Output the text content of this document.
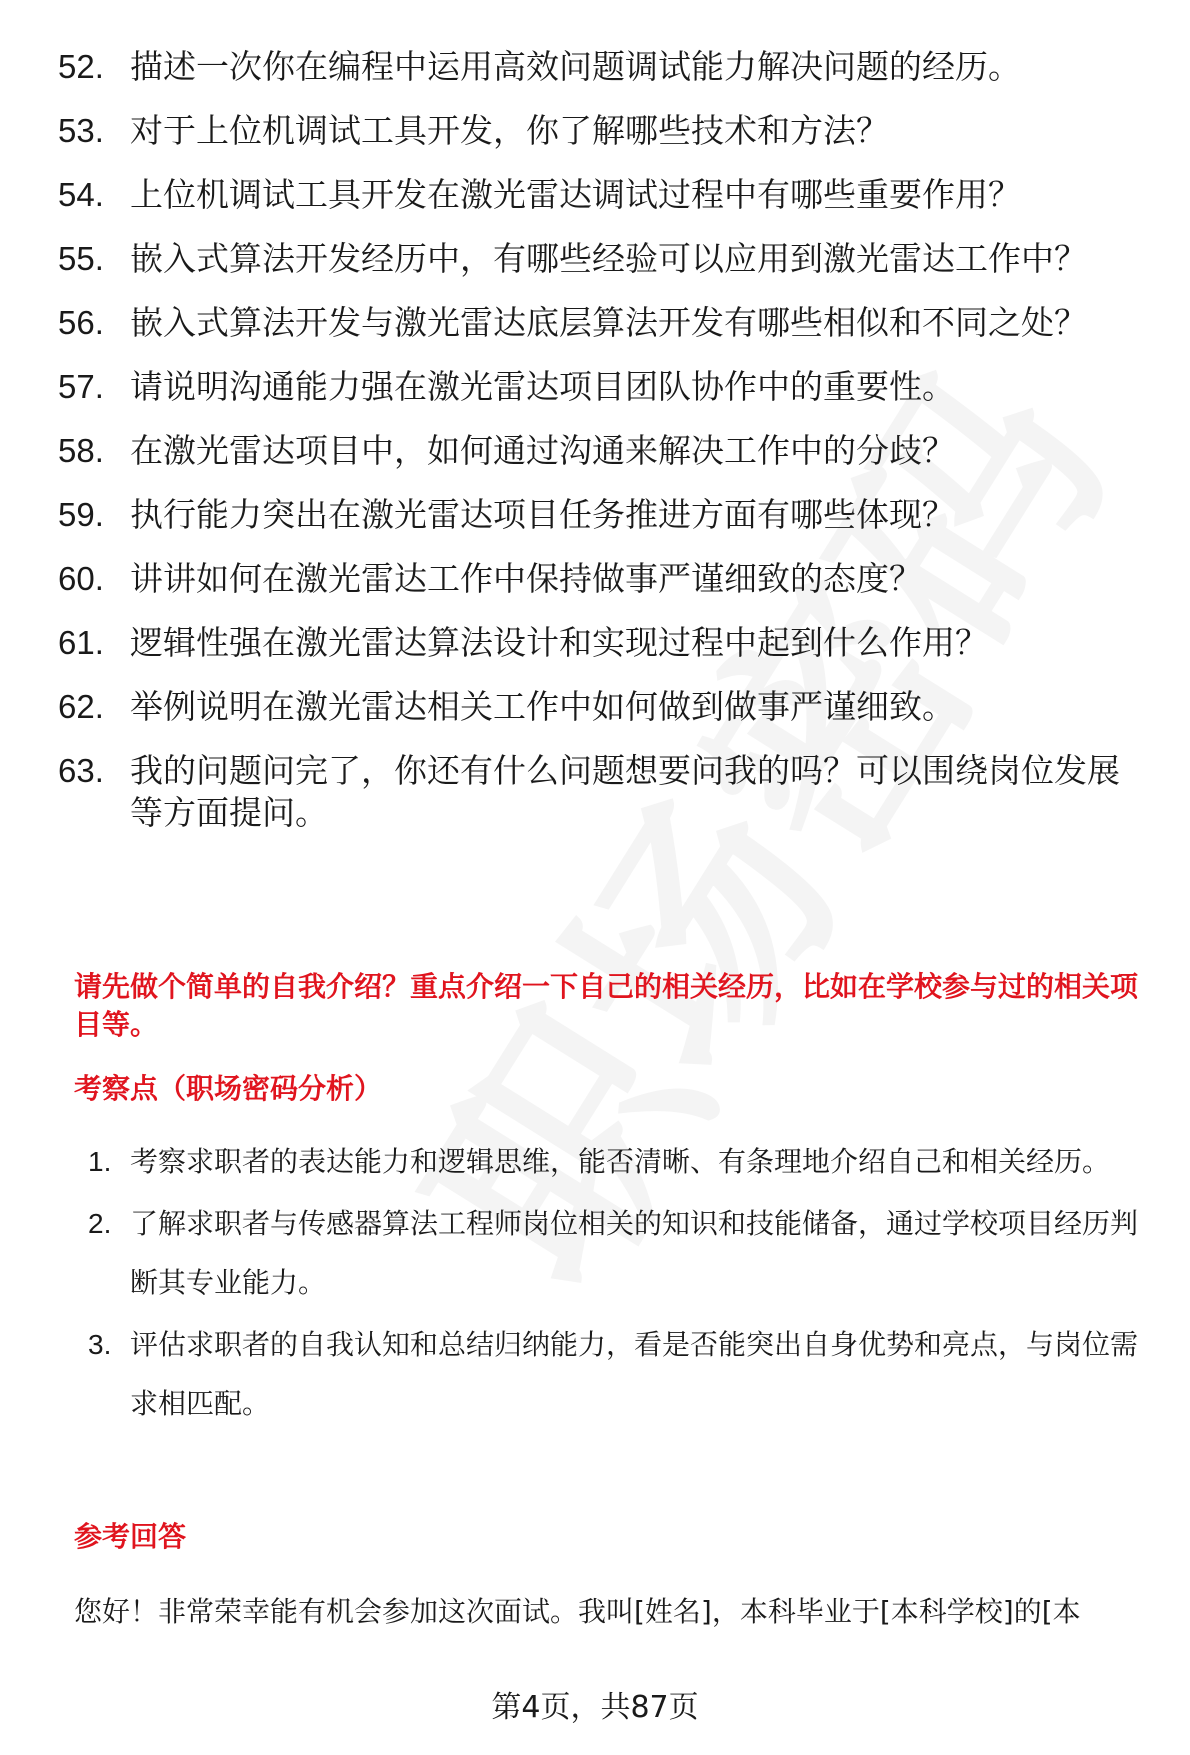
52. 描述一次你在编程中运用高效问题调试能力解决问题的经历。
53. 对于上位机调试工具开发，你了解哪些技术和方法？
54. 上位机调试工具开发在激光雷达调试过程中有哪些重要作用？
55. 嵌入式算法开发经历中，有哪些经验可以应用到激光雷达工作中？
56. 嵌入式算法开发与激光雷达底层算法开发有哪些相似和不同之处？
57. 请说明沟通能力强在激光雷达项目团队协作中的重要性。
58. 在激光雷达项目中，如何通过沟通来解决工作中的分歧？
59. 执行能力突出在激光雷达项目任务推进方面有哪些体现？
60. 讲讲如何在激光雷达工作中保持做事严谨细致的态度？
61. 逻辑性强在激光雷达算法设计和实现过程中起到什么作用？
62. 举例说明在激光雷达相关工作中如何做到做事严谨细致。
63. 我的问题问完了，你还有什么问题想要问我的吗？可以围绕岗位发展等方面提问。

请先做个简单的自我介绍？重点介绍一下自己的相关经历，比如在学校参与过的相关项目等。

考察点（职场密码分析）

1. 考察求职者的表达能力和逻辑思维，能否清晰、有条理地介绍自己和相关经历。
2. 了解求职者与传感器算法工程师岗位相关的知识和技能储备，通过学校项目经历判断其专业能力。
3. 评估求职者的自我认知和总结归纳能力，看是否能突出自身优势和亮点，与岗位需求相匹配。

参考回答

您好！非常荣幸能有机会参加这次面试。我叫[姓名]，本科毕业于[本科学校]的[本

第4页，共87页
